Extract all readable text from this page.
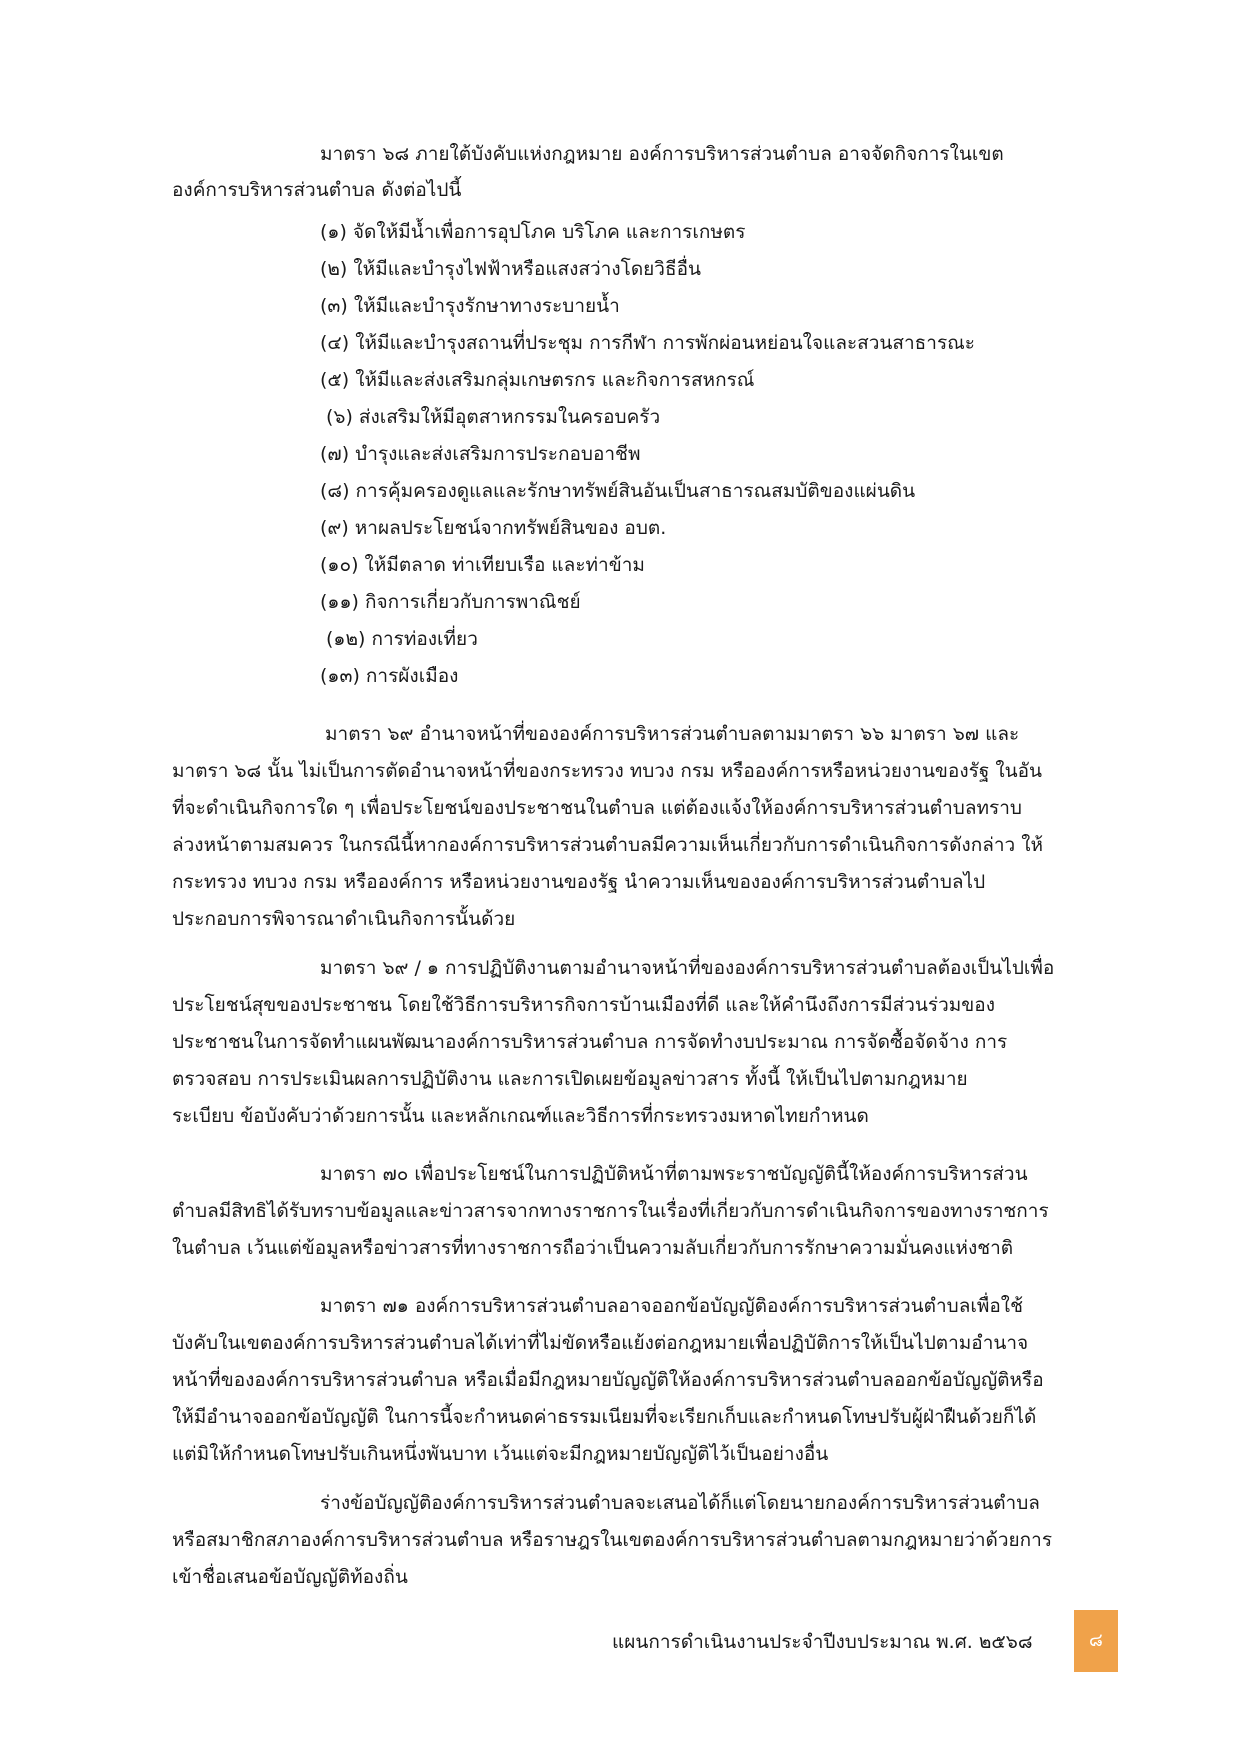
มาตรา ๖๘ ภายใต้บังคับแห่งกฎหมาย องค์การบริหารส่วนตำบล อาจจัดกิจการในเขต
องค์การบริหารส่วนตำบล ดังต่อไปนี้
(๑) จัดให้มีน้ำเพื่อการอุปโภค บริโภค และการเกษตร
(๒) ให้มีและบำรุงไฟฟ้าหรือแสงสว่างโดยวิธีอื่น
(๓) ให้มีและบำรุงรักษาทางระบายน้ำ
(๔) ให้มีและบำรุงสถานที่ประชุม การกีฬา การพักผ่อนหย่อนใจและสวนสาธารณะ
(๕) ให้มีและส่งเสริมกลุ่มเกษตรกร และกิจการสหกรณ์
(๖) ส่งเสริมให้มีอุตสาหกรรมในครอบครัว
(๗) บำรุงและส่งเสริมการประกอบอาชีพ
(๘) การคุ้มครองดูแลและรักษาทรัพย์สินอันเป็นสาธารณสมบัติของแผ่นดิน
(๙) หาผลประโยชน์จากทรัพย์สินของ อบต.
(๑๐) ให้มีตลาด ท่าเทียบเรือ และท่าข้าม
(๑๑) กิจการเกี่ยวกับการพาณิชย์
(๑๒) การท่องเที่ยว
(๑๓) การผังเมือง
มาตรา ๖๙ อำนาจหน้าที่ขององค์การบริหารส่วนตำบลตามมาตรา ๖๖ มาตรา ๖๗ และ
มาตรา ๖๘ นั้น ไม่เป็นการตัดอำนาจหน้าที่ของกระทรวง ทบวง กรม หรือองค์การหรือหน่วยงานของรัฐ ในอัน
ที่จะดำเนินกิจการใด ๆ เพื่อประโยชน์ของประชาชนในตำบล แต่ต้องแจ้งให้องค์การบริหารส่วนตำบลทราบ
ล่วงหน้าตามสมควร ในกรณีนี้หากองค์การบริหารส่วนตำบลมีความเห็นเกี่ยวกับการดำเนินกิจการดังกล่าว ให้
กระทรวง ทบวง กรม หรือองค์การ หรือหน่วยงานของรัฐ นำความเห็นขององค์การบริหารส่วนตำบลไป
ประกอบการพิจารณาดำเนินกิจการนั้นด้วย
มาตรา ๖๙ / ๑ การปฏิบัติงานตามอำนาจหน้าที่ขององค์การบริหารส่วนตำบลต้องเป็นไปเพื่อ
ประโยชน์สุขของประชาชน โดยใช้วิธีการบริหารกิจการบ้านเมืองที่ดี และให้คำนึงถึงการมีส่วนร่วมของ
ประชาชนในการจัดทำแผนพัฒนาองค์การบริหารส่วนตำบล การจัดทำงบประมาณ การจัดซื้อจัดจ้าง การ
ตรวจสอบ การประเมินผลการปฏิบัติงาน และการเปิดเผยข้อมูลข่าวสาร ทั้งนี้ ให้เป็นไปตามกฎหมาย
ระเบียบ ข้อบังคับว่าด้วยการนั้น และหลักเกณฑ์และวิธีการที่กระทรวงมหาดไทยกำหนด
มาตรา ๗๐ เพื่อประโยชน์ในการปฏิบัติหน้าที่ตามพระราชบัญญัตินี้ให้องค์การบริหารส่วน
ตำบลมีสิทธิได้รับทราบข้อมูลและข่าวสารจากทางราชการในเรื่องที่เกี่ยวกับการดำเนินกิจการของทางราชการ
ในตำบล เว้นแต่ข้อมูลหรือข่าวสารที่ทางราชการถือว่าเป็นความลับเกี่ยวกับการรักษาความมั่นคงแห่งชาติ
มาตรา ๗๑ องค์การบริหารส่วนตำบลอาจออกข้อบัญญัติองค์การบริหารส่วนตำบลเพื่อใช้
บังคับในเขตองค์การบริหารส่วนตำบลได้เท่าที่ไม่ขัดหรือแย้งต่อกฎหมายเพื่อปฏิบัติการให้เป็นไปตามอำนาจ
หน้าที่ขององค์การบริหารส่วนตำบล หรือเมื่อมีกฎหมายบัญญัติให้องค์การบริหารส่วนตำบลออกข้อบัญญัติหรือ
ให้มีอำนาจออกข้อบัญญัติ ในการนี้จะกำหนดค่าธรรมเนียมที่จะเรียกเก็บและกำหนดโทษปรับผู้ฝ่าฝืนด้วยก็ได้
แต่มิให้กำหนดโทษปรับเกินหนึ่งพันบาท เว้นแต่จะมีกฎหมายบัญญัติไว้เป็นอย่างอื่น
ร่างข้อบัญญัติองค์การบริหารส่วนตำบลจะเสนอได้ก็แต่โดยนายกองค์การบริหารส่วนตำบล
หรือสมาชิกสภาองค์การบริหารส่วนตำบล หรือราษฎรในเขตองค์การบริหารส่วนตำบลตามกฎหมายว่าด้วยการ
เข้าชื่อเสนอข้อบัญญัติท้องถิ่น
แผนการดำเนินงานประจำปีงบประมาณ พ.ศ. ๒๕๖๘	๘
